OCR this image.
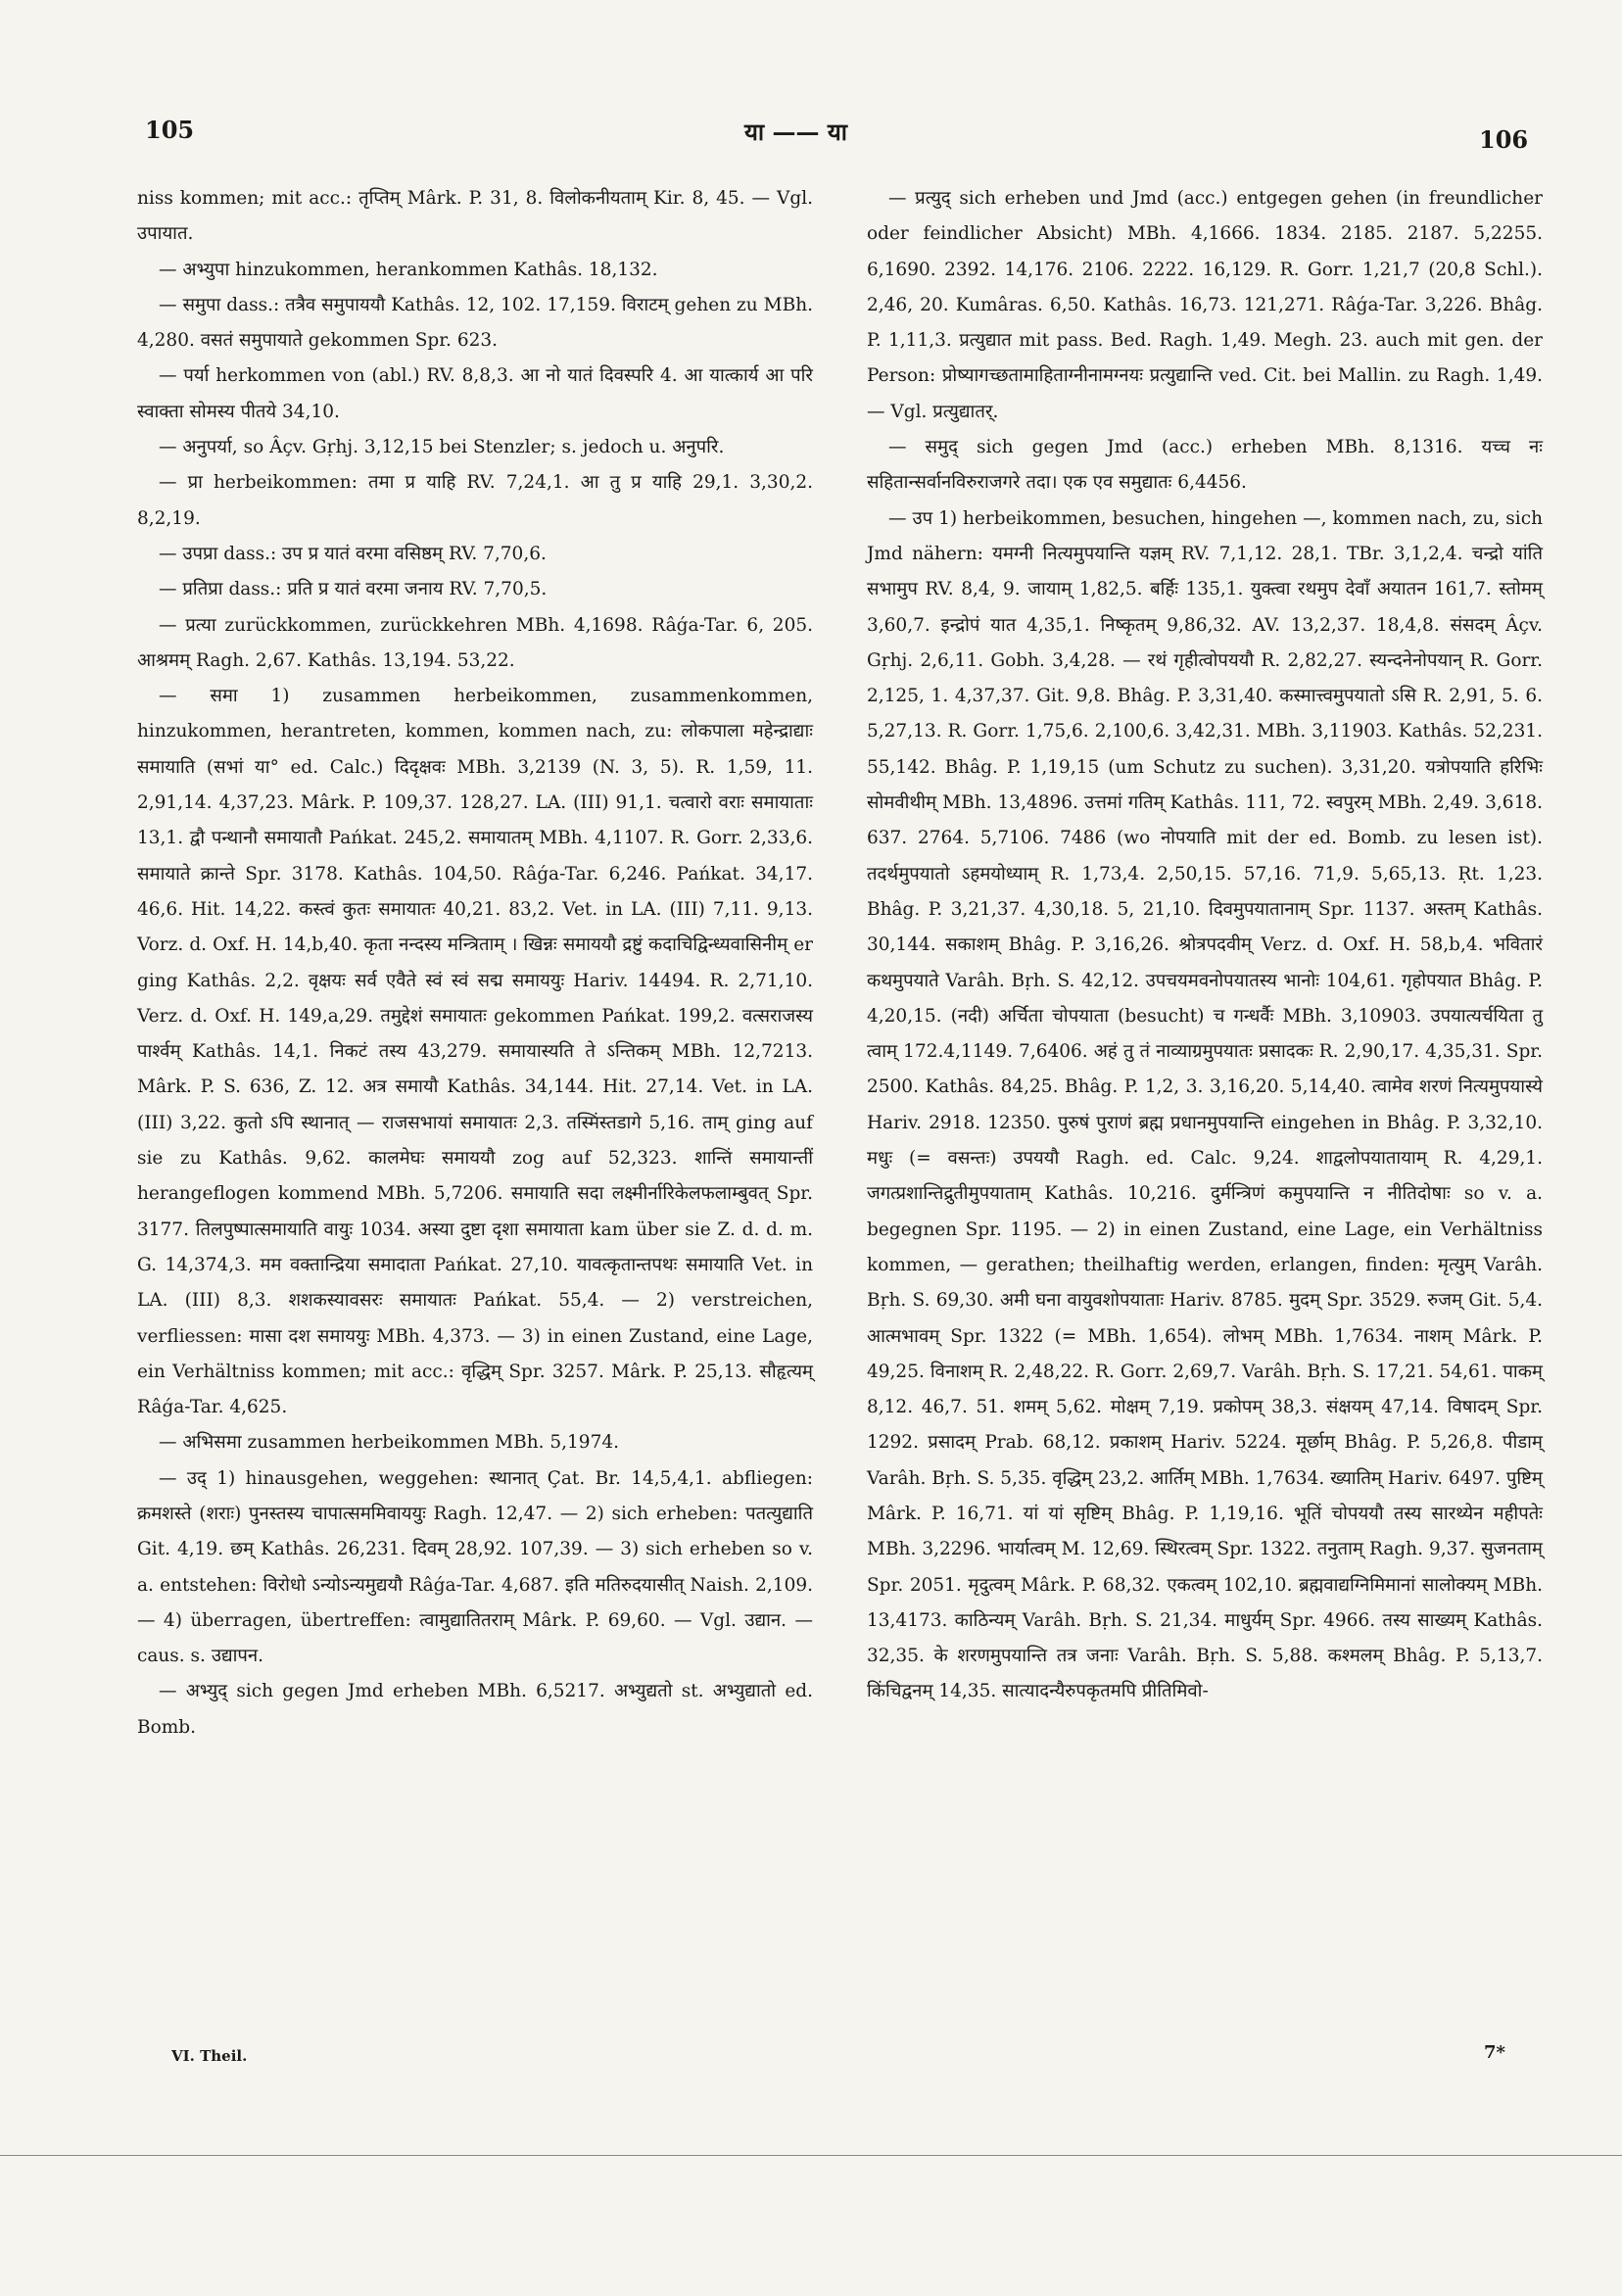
105	या —— या	106

niss kommen; mit acc.: तृप्तिम् Mârk. P. 31, 8. विलोकनीयताम् Kir. 8, 45. — Vgl. उपायात.

— अभ्युपा hinzukommen, herankommen Kathâs. 18,132.

— समुपा dass.: तत्रैव समुपाययौ Kathâs. 12, 102. 17,159. विराटम् gehen zu MBh. 4,280. वसतं समुपायाते gekommen Spr. 623.

— पर्या herkommen von (abl.) RV. 8,8,3. आ नो यातं दिवस्परि 4. आ यात्कार्य आ परि स्वाक्ता सोमस्य पीतये 34,10.

— अनुपर्या, so Âçv. Gṛhj. 3,12,15 bei Stenzler; s. jedoch u. अनुपरि.

— प्रा herbeikommen: तमा प्र याहि RV. 7,24,1. आ तु प्र याहि 29,1. 3,30,2. 8,2,19.

— उपप्रा dass.: उप प्र यातं वरमा वसिष्ठम् RV. 7,70,6.

— प्रतिप्रा dass.: प्रति प्र यातं वरमा जनाय RV. 7,70,5.

— प्रत्या zurückkommen, zurückkehren MBh. 4,1698. Râǵa-Tar. 6, 205. आश्रमम् Ragh. 2,67. Kathâs. 13,194. 53,22.

— समा 1) zusammen herbeikommen, zusammenkommen, hinzukommen, herantreten, kommen, kommen nach, zu: लोकपाला महेन्द्राद्याः समायाति (सभां या° ed. Calc.) दिदृक्षवः MBh. 3,2139 (N. 3, 5). R. 1,59, 11. 2,91,14. 4,37,23. Mârk. P. 109,37. 128,27. LA. (III) 91,1. चत्वारो वराः समायाताः 13,1. द्वौ पन्थानौ समायातौ Pańkat. 245,2. समायातम् MBh. 4,1107. R. Gorr. 2,33,6. समायाते क्रान्ते Spr. 3178. Kathâs. 104,50. Râǵa-Tar. 6,246. Pańkat. 34,17. 46,6. Hit. 14,22. कस्त्वं कुतः समायातः 40,21. 83,2. Vet. in LA. (III) 7,11. 9,13. Vorz. d. Oxf. H. 14,b,40. कृता नन्दस्य मन्त्रिताम् । खिन्नः समाययौ द्रष्टुं कदाचिद्विन्ध्यवासिनीम् er ging Kathâs. 2,2. वृक्षयः सर्व एवैते स्वं स्वं सद्म समाययुः Hariv. 14494. R. 2,71,10. Verz. d. Oxf. H. 149,a,29. तमुद्देशं समायातः gekommen Pańkat. 199,2. वत्सराजस्य पार्श्वम् Kathâs. 14,1. निकटं तस्य 43,279. समायास्यति ते ऽन्तिकम् MBh. 12,7213. Mârk. P. S. 636, Z. 12. अत्र समायौ Kathâs. 34,144. Hit. 27,14. Vet. in LA. (III) 3,22. कुतो ऽपि स्थानात् — राजसभायां समायातः 2,3. तस्मिंस्तडागे 5,16. ताम् ging auf sie zu Kathâs. 9,62. कालमेघः समाययौ zog auf 52,323. शान्तिं समायान्तीं herangeflogen kommend MBh. 5,7206. समायाति सदा लक्ष्मीर्नारिकेलफलाम्बुवत् Spr. 3177. तिलपुष्पात्समायाति वायुः 1034. अस्या दुष्टा दृशा समायाता kam über sie Z. d. d. m. G. 14,374,3. मम वक्तान्द्रिया समादाता Pańkat. 27,10. यावत्कृतान्तपथः समायाति Vet. in LA. (III) 8,3. शशकस्यावसरः समायातः Pańkat. 55,4. — 2) verstreichen, verfliessen: मासा दश समाययुः MBh. 4,373. — 3) in einen Zustand, eine Lage, ein Verhältniss kommen; mit acc.: वृद्धिम् Spr. 3257. Mârk. P. 25,13. सौहृत्यम् Râǵa-Tar. 4,625.

— अभिसमा zusammen herbeikommen MBh. 5,1974.

— उद् 1) hinausgehen, weggehen: स्थानात् Çat. Br. 14,5,4,1. abfliegen: क्रमशस्ते (शराः) पुनस्तस्य चापात्सममिवाययुः Ragh. 12,47. — 2) sich erheben: पतत्युद्याति Git. 4,19. छम् Kathâs. 26,231. दिवम् 28,92. 107,39. — 3) sich erheben so v. a. entstehen: विरोधो ऽन्योऽन्यमुद्ययौ Râǵa-Tar. 4,687. इति मतिरुदयासीत् Naish. 2,109. — 4) überragen, übertreffen: त्वामुद्यातितराम् Mârk. P. 69,60. — Vgl. उद्यान. — caus. s. उद्यापन.

— अभ्युद् sich gegen Jmd erheben MBh. 6,5217. अभ्युद्यतो st. अभ्युद्यातो ed. Bomb.

— प्रत्युद् sich erheben und Jmd (acc.) entgegen gehen (in freundlicher oder feindlicher Absicht) MBh. 4,1666. 1834. 2185. 2187. 5,2255. 6,1690. 2392. 14,176. 2106. 2222. 16,129. R. Gorr. 1,21,7 (20,8 Schl.). 2,46, 20. Kumâras. 6,50. Kathâs. 16,73. 121,271. Râǵa-Tar. 3,226. Bhâg. P. 1,11,3. प्रत्युद्यात mit pass. Bed. Ragh. 1,49. Megh. 23. auch mit gen. der Person: प्रोष्यागच्छतामाहिताग्नीनामग्नयः प्रत्युद्यान्ति ved. Cit. bei Mallin. zu Ragh. 1,49. — Vgl. प्रत्युद्यातर्.

— समुद् sich gegen Jmd (acc.) erheben MBh. 8,1316. यच्च नः सहितान्सर्वानविरुराजगरे तदा। एक एव समुद्यातः 6,4456.

— उप 1) herbeikommen, besuchen, hingehen —, kommen nach, zu, sich Jmd nähern: यमग्नी नित्यमुपयान्ति यज्ञम् RV. 7,1,12. 28,1. TBr. 3,1,2,4. चन्द्रो यांति सभामुप RV. 8,4, 9. जायाम् 1,82,5. बर्हिः 135,1. युक्त्वा रथमुप देवाँ अयातन 161,7. स्तोमम् 3,60,7. इन्द्रोपं यात 4,35,1. निष्कृतम् 9,86,32. AV. 13,2,37. 18,4,8. संसदम् Âçv. Gṛhj. 2,6,11. Gobh. 3,4,28. — रथं गृहीत्वोपययौ R. 2,82,27. स्यन्दनेनोपयान् R. Gorr. 2,125, 1. 4,37,37. Git. 9,8. Bhâg. P. 3,31,40. कस्मात्त्वमुपयातो ऽसि R. 2,91, 5. 6. 5,27,13. R. Gorr. 1,75,6. 2,100,6. 3,42,31. MBh. 3,11903. Kathâs. 52,231. 55,142. Bhâg. P. 1,19,15 (um Schutz zu suchen). 3,31,20. यत्रोपयाति हरिभिः सोमवीथीम् MBh. 13,4896. उत्तमां गतिम् Kathâs. 111, 72. स्वपुरम् MBh. 2,49. 3,618. 637. 2764. 5,7106. 7486 (wo नोपयाति mit der ed. Bomb. zu lesen ist). तदर्थमुपयातो ऽहमयोध्याम् R. 1,73,4. 2,50,15. 57,16. 71,9. 5,65,13. Ṛt. 1,23. Bhâg. P. 3,21,37. 4,30,18. 5, 21,10. दिवमुपयातानाम् Spr. 1137. अस्तम् Kathâs. 30,144. सकाशम् Bhâg. P. 3,16,26. श्रोत्रपदवीम् Verz. d. Oxf. H. 58,b,4. भवितारं कथमुपयाते Varâh. Bṛh. S. 42,12. उपचयमवनोपयातस्य भानोः 104,61. गृहोपयात Bhâg. P. 4,20,15. (नदी) अर्चिता चोपयाता (besucht) च गन्धर्वैः MBh. 3,10903. उपयात्यर्चयिता तु त्वाम् 172.4,1149. 7,6406. अहं तु तं नाव्याग्रमुपयातः प्रसादकः R. 2,90,17. 4,35,31. Spr. 2500. Kathâs. 84,25. Bhâg. P. 1,2, 3. 3,16,20. 5,14,40. त्वामेव शरणं नित्यमुपयास्ये Hariv. 2918. 12350. पुरुषं पुराणं ब्रह्म प्रधानमुपयान्ति eingehen in Bhâg. P. 3,32,10. मधुः (= वसन्तः) उपययौ Ragh. ed. Calc. 9,24. शाद्वलोपयातायाम् R. 4,29,1. जगत्प्रशान्तिद्रुतीमुपयाताम् Kathâs. 10,216. दुर्मन्त्रिणं कमुपयान्ति न नीतिदोषाः so v. a. begegnen Spr. 1195. — 2) in einen Zustand, eine Lage, ein Verhältniss kommen, — gerathen; theilhaftig werden, erlangen, finden: मृत्युम् Varâh. Bṛh. S. 69,30. अमी घना वायुवशोपयाताः Hariv. 8785. मुदम् Spr. 3529. रुजम् Git. 5,4. आत्मभावम् Spr. 1322 (= MBh. 1,654). लोभम् MBh. 1,7634. नाशम् Mârk. P. 49,25. विनाशम् R. 2,48,22. R. Gorr. 2,69,7. Varâh. Bṛh. S. 17,21. 54,61. पाकम् 8,12. 46,7. 51. शमम् 5,62. मोक्षम् 7,19. प्रकोपम् 38,3. संक्षयम् 47,14. विषादम् Spr. 1292. प्रसादम् Prab. 68,12. प्रकाशम् Hariv. 5224. मूर्छाम् Bhâg. P. 5,26,8. पीडाम् Varâh. Bṛh. S. 5,35. वृद्धिम् 23,2. आर्तिम् MBh. 1,7634. ख्यातिम् Hariv. 6497. पुष्टिम् Mârk. P. 16,71. यां यां सृष्टिम् Bhâg. P. 1,19,16. भूतिं चोपययौ तस्य सारथ्येन महीपतेः MBh. 3,2296. भार्यात्वम् M. 12,69. स्थिरत्वम् Spr. 1322. तनुताम् Ragh. 9,37. सुजनताम् Spr. 2051. मृदुत्वम् Mârk. P. 68,32. एकत्वम् 102,10. ब्रह्मवाद्यग्निमिमानां सालोक्यम् MBh. 13,4173. काठिन्यम् Varâh. Bṛh. S. 21,34. माधुर्यम् Spr. 4966. तस्य साख्यम् Kathâs. 32,35. के शरणमुपयान्ति तत्र जनाः Varâh. Bṛh. S. 5,88. कश्मलम् Bhâg. P. 5,13,7. किंचिद्वनम् 14,35. सात्यादन्यैरुपकृतमपि प्रीतिमिवो-

VI. Theil.	7*
